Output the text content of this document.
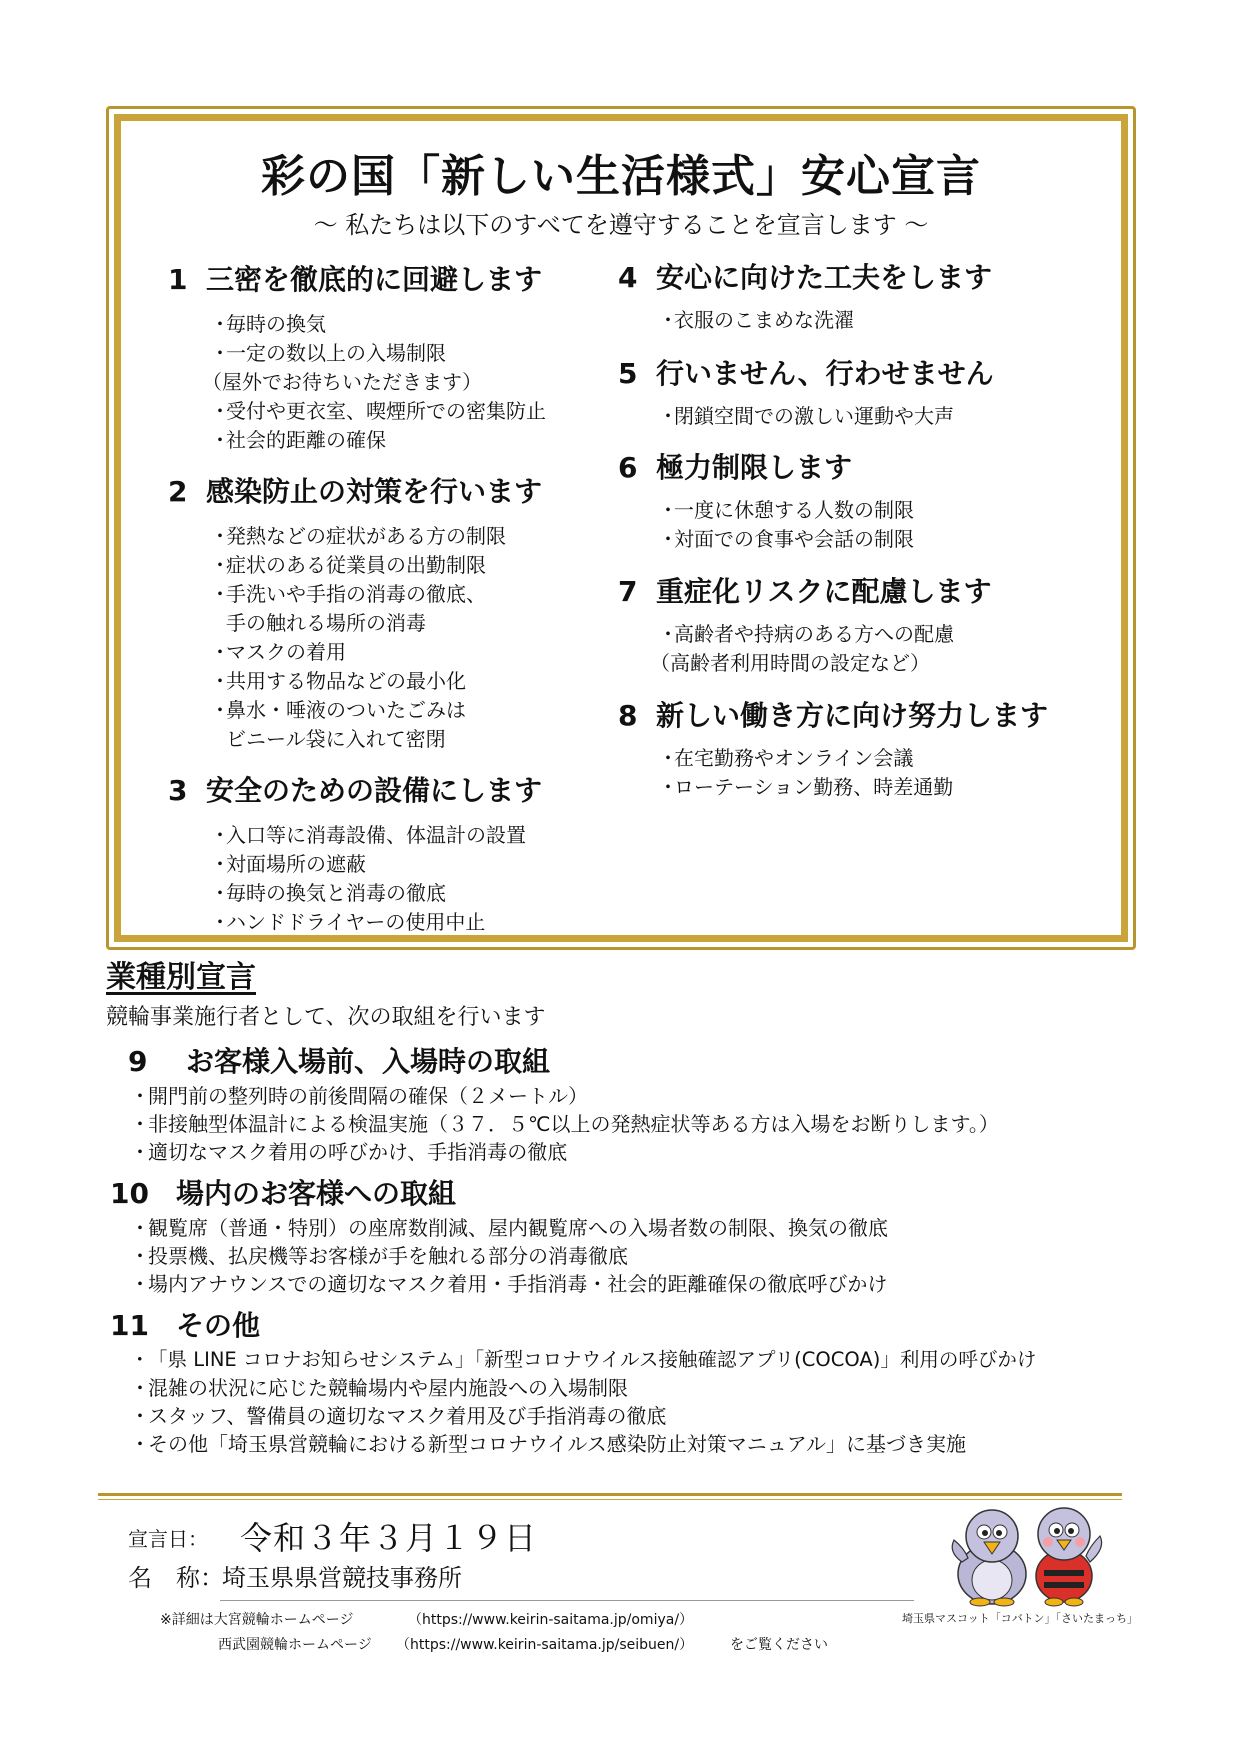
彩の国「新しい生活様式」安心宣言
～ 私たちは以下のすべてを遵守することを宣言します ～
1 三密を徹底的に回避します
・毎時の換気
・一定の数以上の入場制限
（屋外でお待ちいただきます）
・受付や更衣室、喫煙所での密集防止
・社会的距離の確保
2 感染防止の対策を行います
・発熱などの症状がある方の制限
・症状のある従業員の出勤制限
・手洗いや手指の消毒の徹底、
手の触れる場所の消毒
・マスクの着用
・共用する物品などの最小化
・鼻水・唾液のついたごみは
ビニール袋に入れて密閉
3 安全のための設備にします
・入口等に消毒設備、体温計の設置
・対面場所の遮蔽
・毎時の換気と消毒の徹底
・ハンドドライヤーの使用中止
4 安心に向けた工夫をします
・衣服のこまめな洗濯
5 行いません、行わせません
・閉鎖空間での激しい運動や大声
6 極力制限します
・一度に休憩する人数の制限
・対面での食事や会話の制限
7 重症化リスクに配慮します
・高齢者や持病のある方への配慮
（高齢者利用時間の設定など）
8 新しい働き方に向け努力します
・在宅勤務やオンライン会議
・ローテーション勤務、時差通勤
業種別宣言
競輪事業施行者として、次の取組を行います
9 お客様入場前、入場時の取組
・開門前の整列時の前後間隔の確保（２メートル）
・非接触型体温計による検温実施（３７．５℃以上の発熱症状等ある方は入場をお断りします。）
・適切なマスク着用の呼びかけ、手指消毒の徹底
10 場内のお客様への取組
・観覧席（普通・特別）の座席数削減、屋内観覧席への入場者数の制限、換気の徹底
・投票機、払戻機等お客様が手を触れる部分の消毒徹底
・場内アナウンスでの適切なマスク着用・手指消毒・社会的距離確保の徹底呼びかけ
11 その他
・「県 LINE コロナお知らせシステム」「新型コロナウイルス接触確認アプリ(COCOA)」利用の呼びかけ
・混雑の状況に応じた競輪場内や屋内施設への入場制限
・スタッフ、警備員の適切なマスク着用及び手指消毒の徹底
・その他「埼玉県営競輪における新型コロナウイルス感染防止対策マニュアル」に基づき実施
宣言日： 令和３年３月１９日
名　称：
埼玉県県営競技事務所
※詳細は大宮競輪ホームページ	（https://www.keirin-saitama.jp/omiya/）
西武園競輪ホームページ （https://www.keirin-saitama.jp/seibuen/）	をご覧ください
埼玉県マスコット「コバトン」「さいたまっち」
